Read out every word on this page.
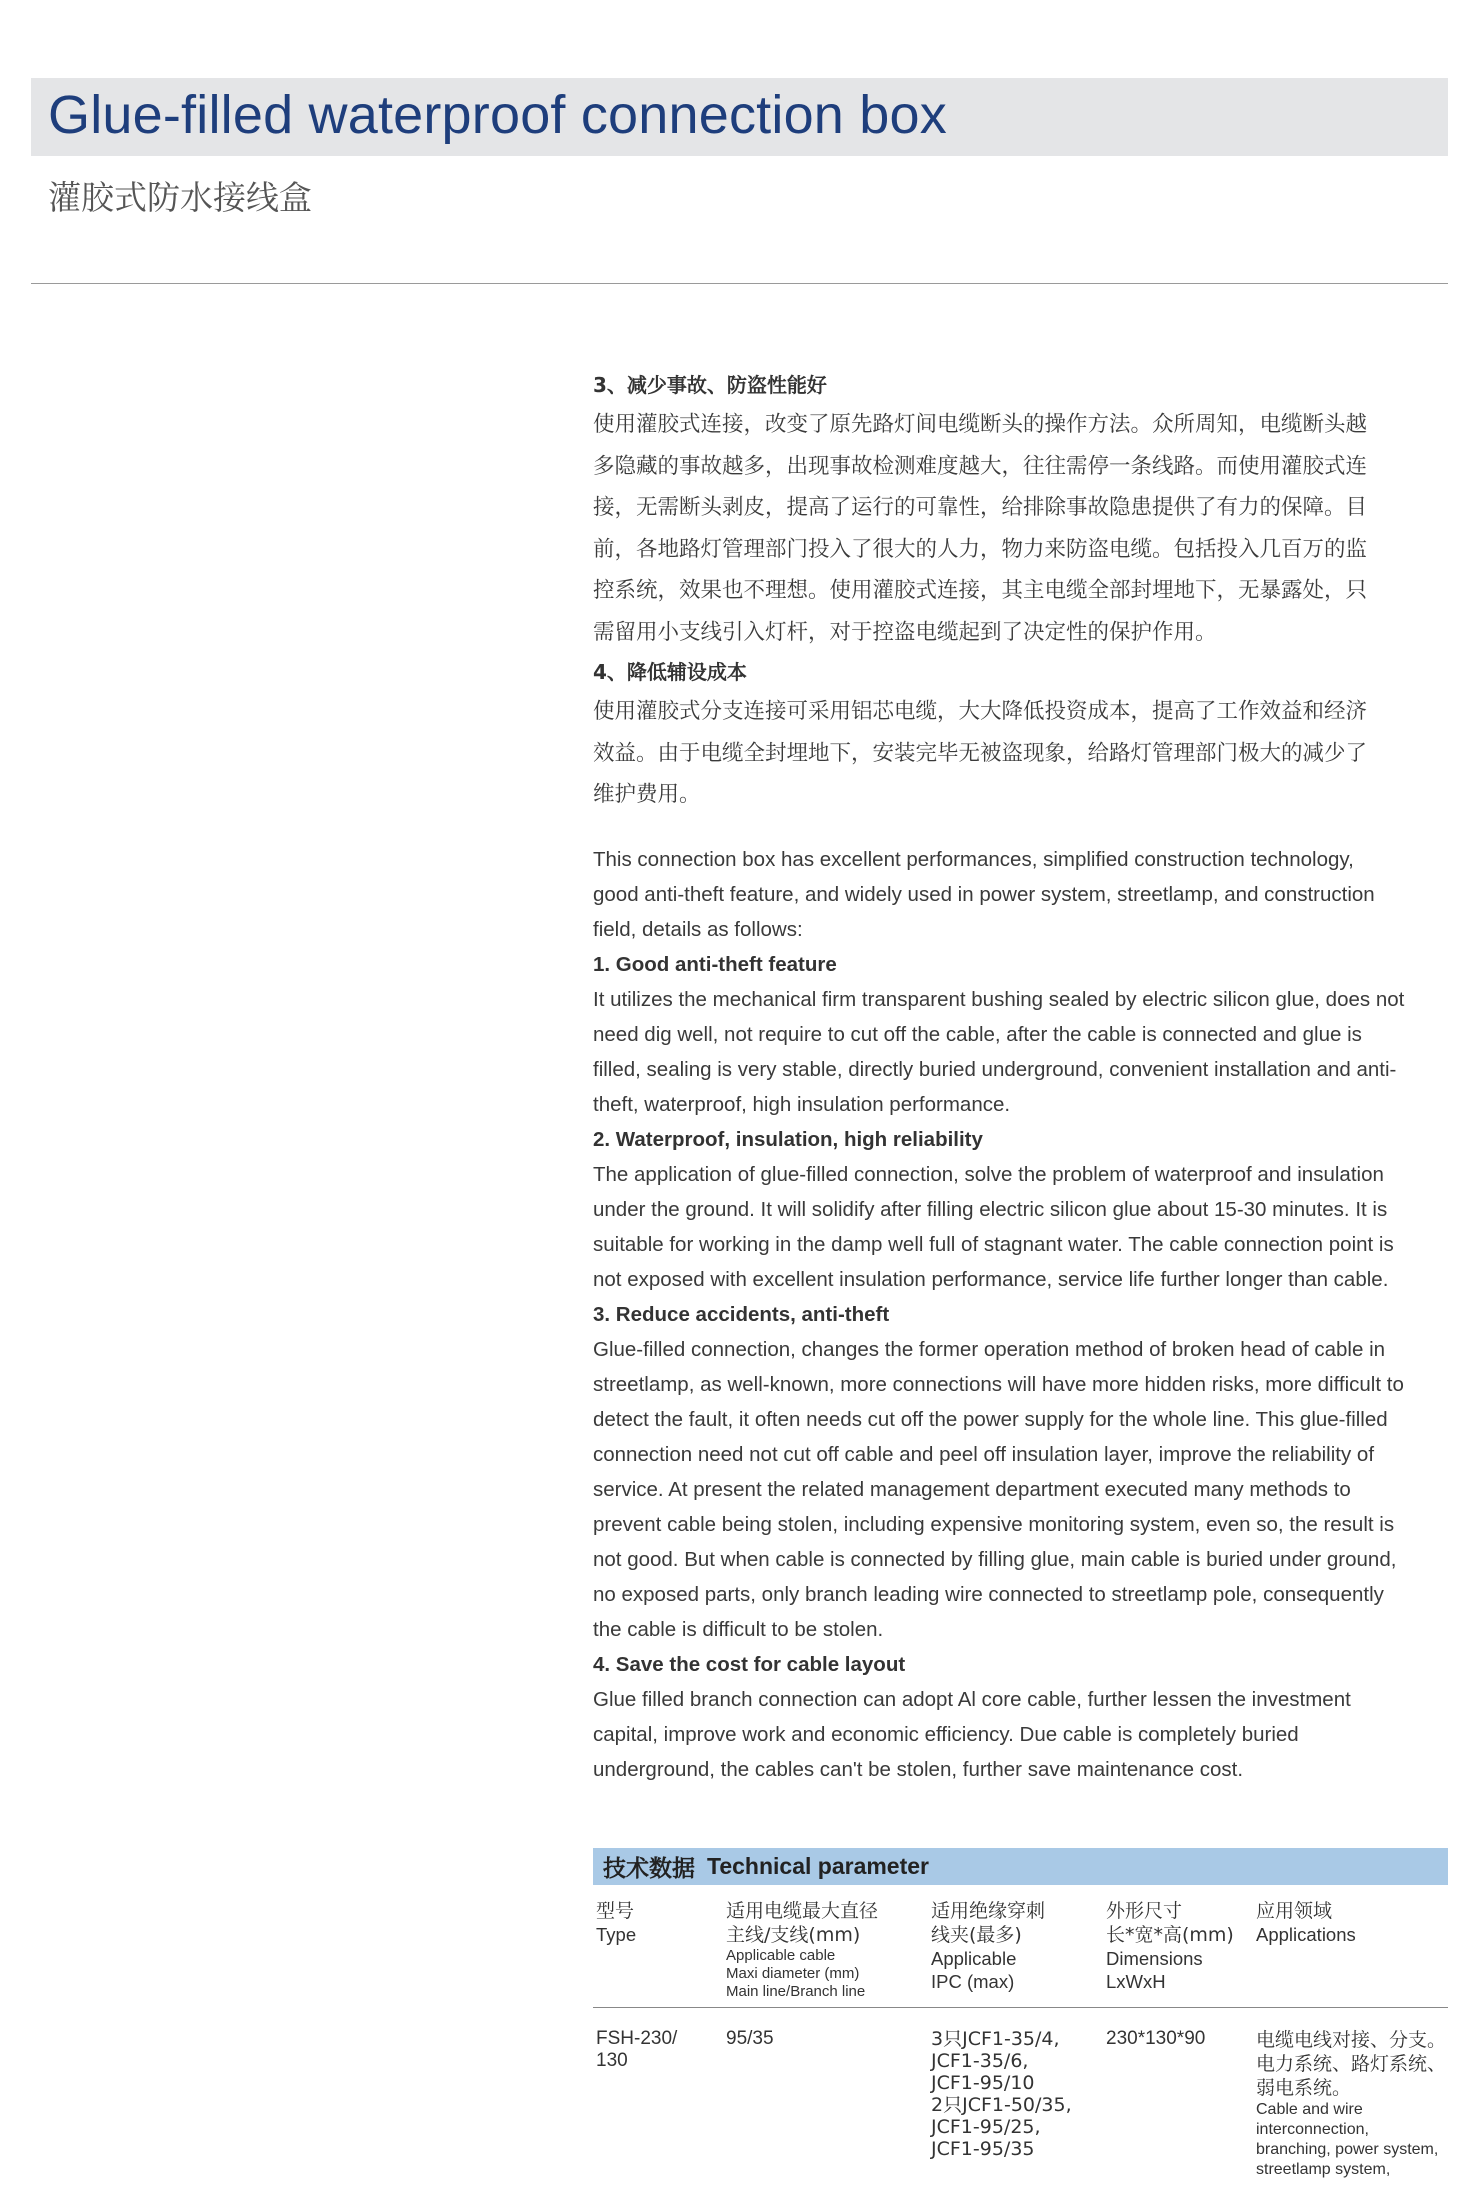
Glue-filled waterproof connection box
灌胶式防水接线盒

3、减少事故、防盗性能好

使用灌胶式连接，改变了原先路灯间电缆断头的操作方法。众所周知，电缆断头越

多隐藏的事故越多，出现事故检测难度越大，往往需停一条线路。而使用灌胶式连

接，无需断头剥皮，提高了运行的可靠性，给排除事故隐患提供了有力的保障。目

前，各地路灯管理部门投入了很大的人力，物力来防盗电缆。包括投入几百万的监

控系统，效果也不理想。使用灌胶式连接，其主电缆全部封埋地下，无暴露处，只

需留用小支线引入灯杆，对于控盗电缆起到了决定性的保护作用。

4、降低辅设成本

使用灌胶式分支连接可采用铝芯电缆，大大降低投资成本，提高了工作效益和经济

效益。由于电缆全封埋地下，安装完毕无被盗现象，给路灯管理部门极大的减少了

维护费用。

This connection box has excellent performances, simplified construction technology,

good anti-theft feature, and widely used in power system, streetlamp, and construction

field, details as follows:

1. Good anti-theft feature

It utilizes the mechanical firm transparent bushing sealed by electric silicon glue, does not

need dig well, not require to cut off the cable, after the cable is connected and glue is

filled, sealing is very stable, directly buried underground, convenient installation and anti-

theft, waterproof, high insulation performance.

2. Waterproof, insulation, high reliability

The application of glue-filled connection, solve the problem of waterproof and insulation

under the ground. It will solidify after filling electric silicon glue about 15-30 minutes. It is

suitable for working in the damp well full of stagnant water. The cable connection point is

not exposed with excellent insulation performance, service life further longer than cable.

3. Reduce accidents, anti-theft

Glue-filled connection, changes the former operation method of broken head of cable in

streetlamp, as well-known, more connections will have more hidden risks, more difficult to

detect the fault, it often needs cut off the power supply for the whole line. This glue-filled

connection need not cut off cable and peel off insulation layer, improve the reliability of

service. At present the related management department executed many methods to

prevent cable being stolen, including expensive monitoring system, even so, the result is

not good. But when cable is connected by filling glue, main cable is buried under ground,

no exposed parts, only branch leading wire connected to streetlamp pole, consequently

the cable is difficult to be stolen.

4. Save the cost for cable layout

Glue filled branch connection can adopt Al core cable, further lessen the investment

capital, improve work and economic efficiency. Due cable is completely buried

underground, the cables can't be stolen, further save maintenance cost.

技术数据 Technical parameter
型号
Type
适用电缆最大直径
主线/支线(mm)
Applicable cable
Maxi diameter (mm)
Main line/Branch line
适用绝缘穿刺
线夹(最多)
Applicable
IPC (max)
外形尺寸
长*宽*高(mm)
Dimensions
LxWxH
应用领域
Applications
FSH-230/
130
95/35	3只JCF1-35/4,
JCF1-35/6,
JCF1-95/10
2只JCF1-50/35,
JCF1-95/25,
JCF1-95/35
230*130*90	电缆电线对接、分支。
电力系统、路灯系统、
弱电系统。
Cable and wire
interconnection,
branching, power system,
streetlamp system,
